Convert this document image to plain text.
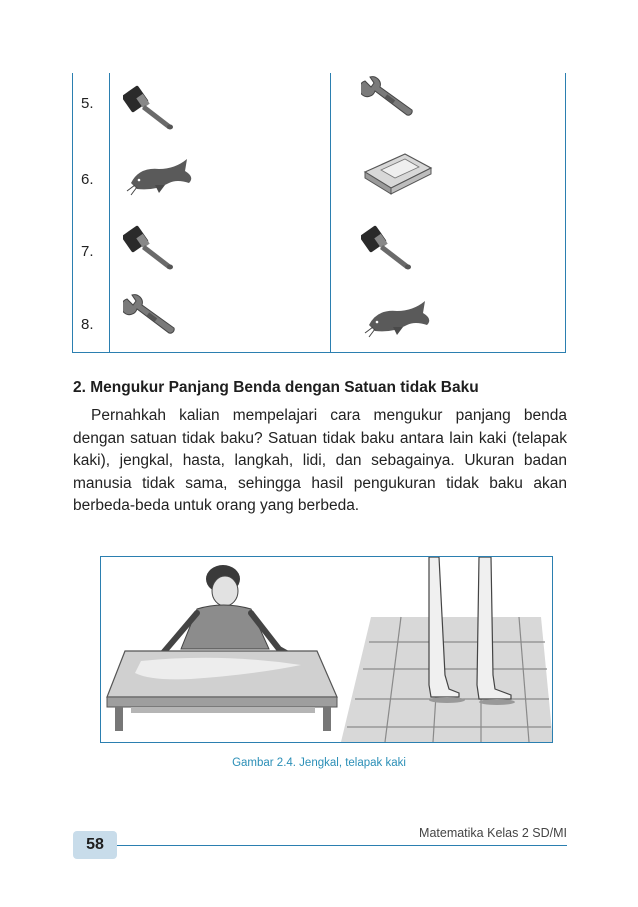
5.
6.
7.
8.
2. Mengukur Panjang Benda dengan Satuan tidak Baku

Pernahkah kalian mempelajari cara mengukur panjang benda dengan satuan tidak baku? Satuan tidak baku antara lain kaki (telapak kaki), jengkal, hasta, langkah, lidi, dan sebagainya. Ukuran badan manusia tidak sama, sehingga hasil pengukuran tidak baku akan berbeda-beda untuk orang yang berbeda.

Gambar 2.4. Jengkal, telapak kaki
58
Matematika Kelas 2 SD/MI
